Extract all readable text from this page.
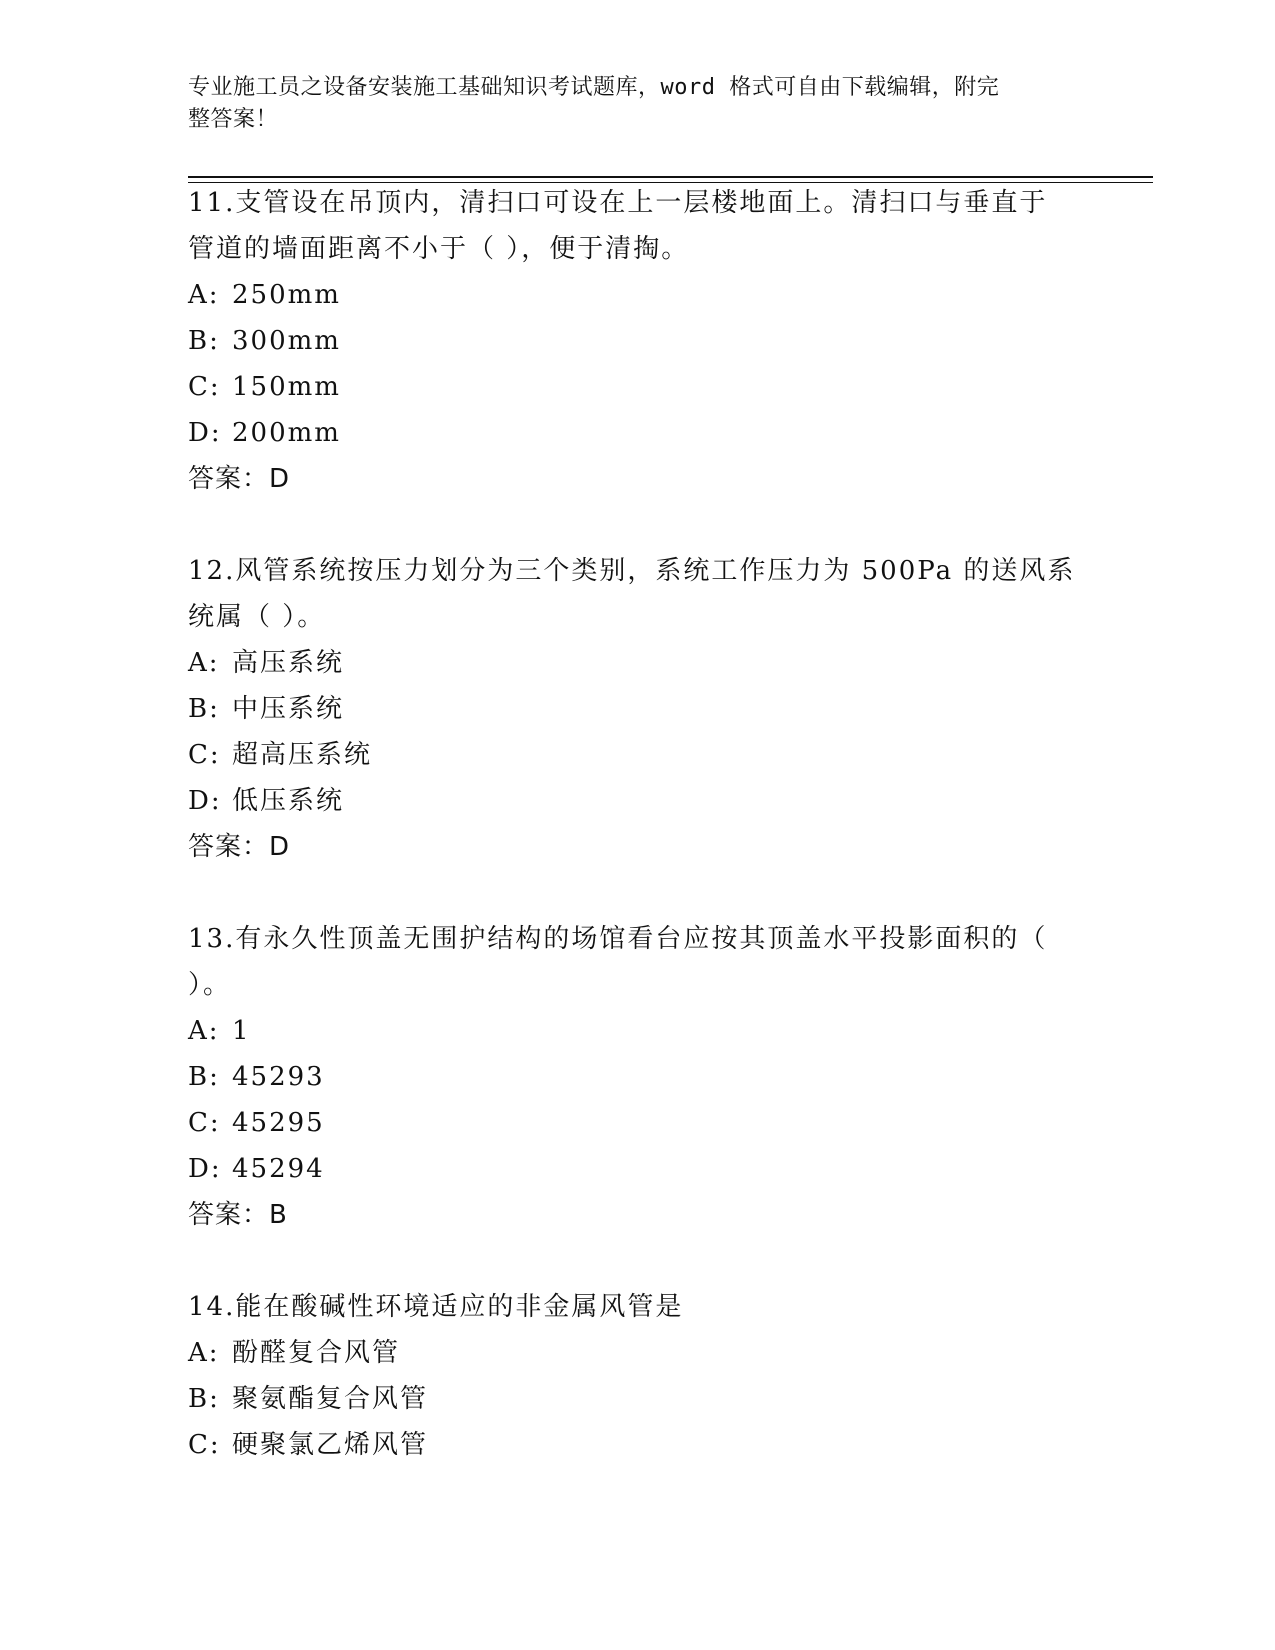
专业施工员之设备安装施工基础知识考试题库，word 格式可自由下载编辑，附完
整答案！
11.支管设在吊顶内，清扫口可设在上一层楼地面上。清扫口与垂直于
管道的墙面距离不小于（ ），便于清掏。
A: 250mm
B: 300mm
C: 150mm
D: 200mm
答案：D
12.风管系统按压力划分为三个类别，系统工作压力为 500Pa 的送风系
统属（ ）。
A: 高压系统
B: 中压系统
C: 超高压系统
D: 低压系统
答案：D
13.有永久性顶盖无围护结构的场馆看台应按其顶盖水平投影面积的（
）。
A: 1
B: 45293
C: 45295
D: 45294
答案：B
14.能在酸碱性环境适应的非金属风管是
A: 酚醛复合风管
B: 聚氨酯复合风管
C: 硬聚氯乙烯风管
